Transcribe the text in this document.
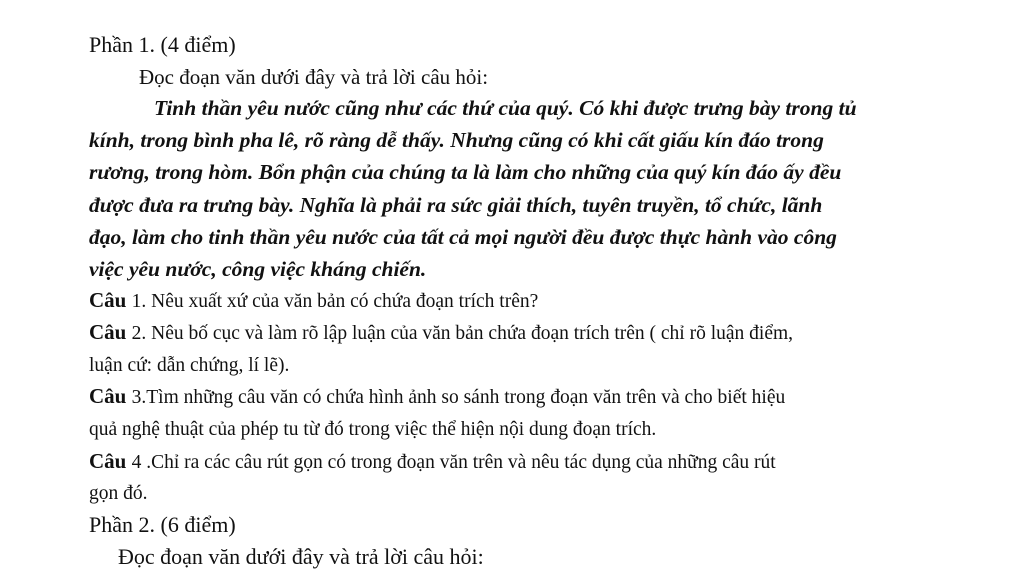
Phần 1. (4 điểm)
Đọc đoạn văn dưới đây và trả lời câu hỏi:
Tinh thần yêu nước cũng như các thứ của quý. Có khi được trưng bày trong tủ
kính, trong bình pha lê, rõ ràng dễ thấy. Nhưng cũng có khi cất giấu kín đáo trong
rương, trong hòm. Bổn phận của chúng ta là làm cho những của quý kín đáo ấy đều
được đưa ra trưng bày. Nghĩa là phải ra sức giải thích, tuyên truyền, tổ chức, lãnh
đạo, làm cho tinh thần yêu nước của tất cả mọi người đều được thực hành vào công
việc yêu nước, công việc kháng chiến.
Câu 1. Nêu xuất xứ của văn bản có chứa đoạn trích trên?
Câu 2. Nêu bố cục và làm rõ lập luận của văn bản chứa đoạn trích trên ( chỉ rõ luận điểm,
luận cứ: dẫn chứng, lí lẽ).
Câu 3.Tìm những câu văn có chứa hình ảnh so sánh trong đoạn văn trên và cho biết hiệu
quả nghệ thuật của phép tu từ đó trong việc thể hiện nội dung đoạn trích.
Câu 4 .Chỉ ra các câu rút gọn có trong đoạn văn trên và nêu tác dụng của những câu rút
gọn đó.
Phần 2. (6 điểm)
Đọc đoạn văn dưới đây và trả lời câu hỏi:
